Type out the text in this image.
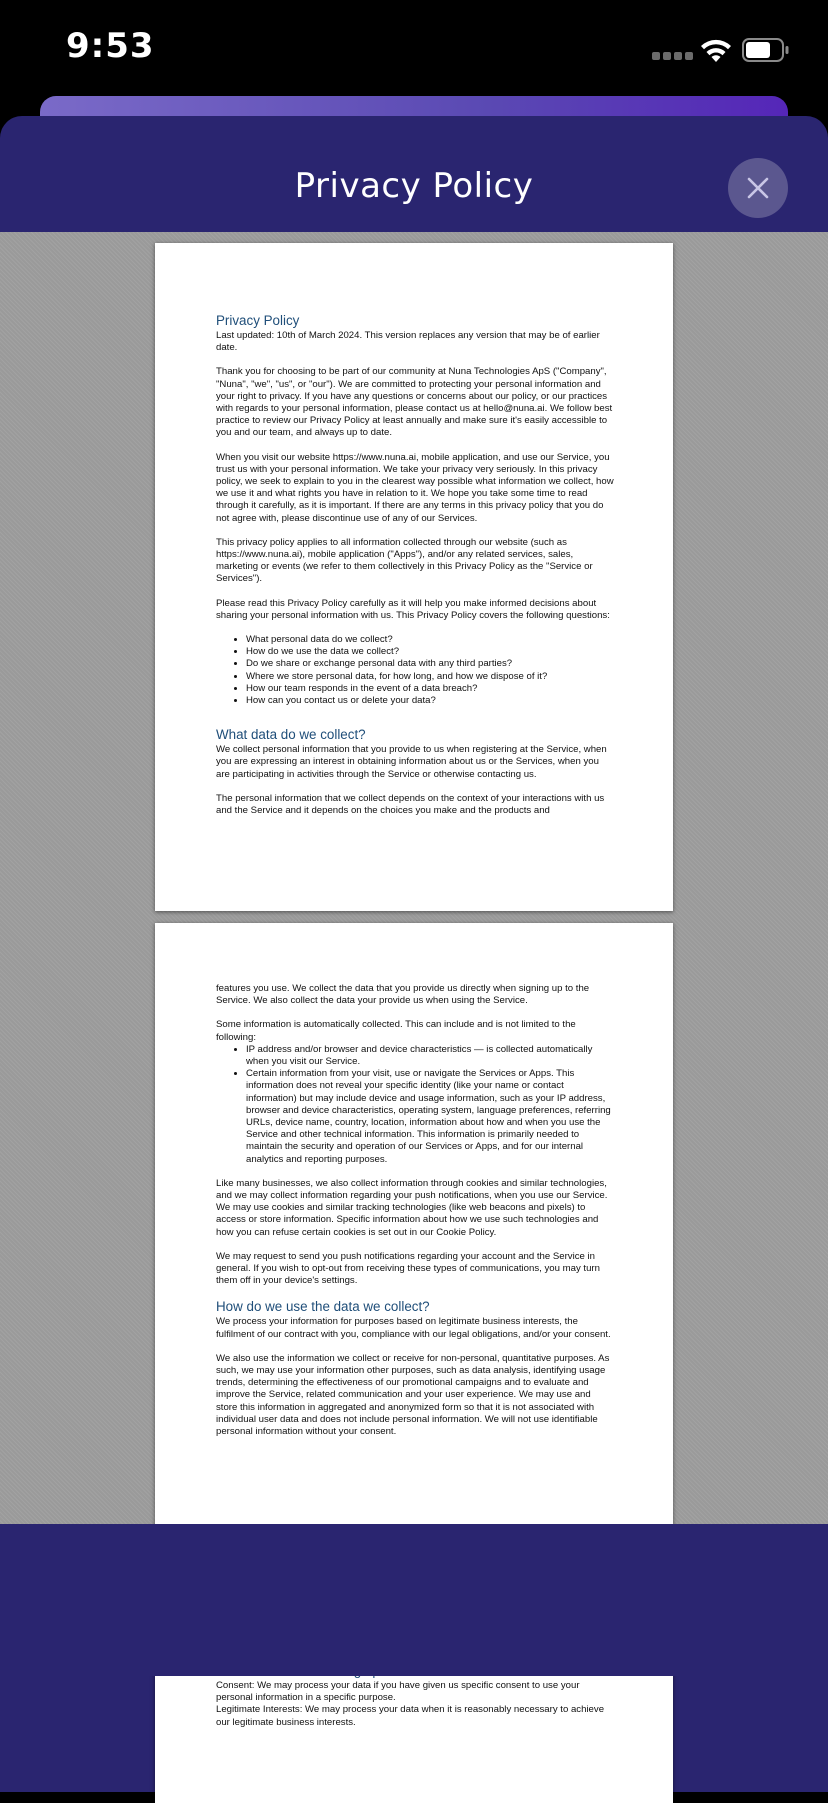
9:53
Privacy Policy
Privacy Policy
Last updated: 10th of March 2024. This version replaces any version that may be of earlier date.
Thank you for choosing to be part of our community at Nuna Technologies ApS ("Company", "Nuna", "we", "us", or "our"). We are committed to protecting your personal information and your right to privacy. If you have any questions or concerns about our policy, or our practices with regards to your personal information, please contact us at hello@nuna.ai. We follow best practice to review our Privacy Policy at least annually and make sure it's easily accessible to you and our team, and always up to date.
When you visit our website https://www.nuna.ai, mobile application, and use our Service, you trust us with your personal information. We take your privacy very seriously. In this privacy policy, we seek to explain to you in the clearest way possible what information we collect, how we use it and what rights you have in relation to it. We hope you take some time to read through it carefully, as it is important. If there are any terms in this privacy policy that you do not agree with, please discontinue use of any of our Services.
This privacy policy applies to all information collected through our website (such as https://www.nuna.ai), mobile application ("Apps"), and/or any related services, sales, marketing or events (we refer to them collectively in this Privacy Policy as the "Service or Services").
Please read this Privacy Policy carefully as it will help you make informed decisions about sharing your personal information with us. This Privacy Policy covers the following questions:
• What personal data do we collect?
• How do we use the data we collect?
• Do we share or exchange personal data with any third parties?
• Where we store personal data, for how long, and how we dispose of it?
• How our team responds in the event of a data breach?
• How can you contact us or delete your data?
What data do we collect?
We collect personal information that you provide to us when registering at the Service, when you are expressing an interest in obtaining information about us or the Services, when you are participating in activities through the Service or otherwise contacting us.
The personal information that we collect depends on the context of your interactions with us and the Service and it depends on the choices you make and the products and
features you use. We collect the data that you provide us directly when signing up to the Service. We also collect the data your provide us when using the Service.
Some information is automatically collected. This can include and is not limited to the following:
• IP address and/or browser and device characteristics — is collected automatically when you visit our Service.
• Certain information from your visit, use or navigate the Services or Apps. This information does not reveal your specific identity (like your name or contact information) but may include device and usage information, such as your IP address, browser and device characteristics, operating system, language preferences, referring URLs, device name, country, location, information about how and when you use the Service and other technical information. This information is primarily needed to maintain the security and operation of our Services or Apps, and for our internal analytics and reporting purposes.
Like many businesses, we also collect information through cookies and similar technologies, and we may collect information regarding your push notifications, when you use our Service. We may use cookies and similar tracking technologies (like web beacons and pixels) to access or store information. Specific information about how we use such technologies and how you can refuse certain cookies is set out in our Cookie Policy.
We may request to send you push notifications regarding your account and the Service in general. If you wish to opt-out from receiving these types of communications, you may turn them off in your device's settings.
How do we use the data we collect?
We process your information for purposes based on legitimate business interests, the fulfilment of our contract with you, compliance with our legal obligations, and/or your consent.
We also use the information we collect or receive for non-personal, quantitative purposes. As such, we may use your information other purposes, such as data analysis, identifying usage trends, determining the effectiveness of our promotional campaigns and to evaluate and improve the Service, related communication and your user experience. We may use and store this information in aggregated and anonymized form so that it is not associated with individual user data and does not include personal information. We will not use identifiable personal information without your consent.
Consent: We may process your data if you have given us specific consent to use your personal information in a specific purpose.
Legitimate Interests: We may process your data when it is reasonably necessary to achieve our legitimate business interests.
